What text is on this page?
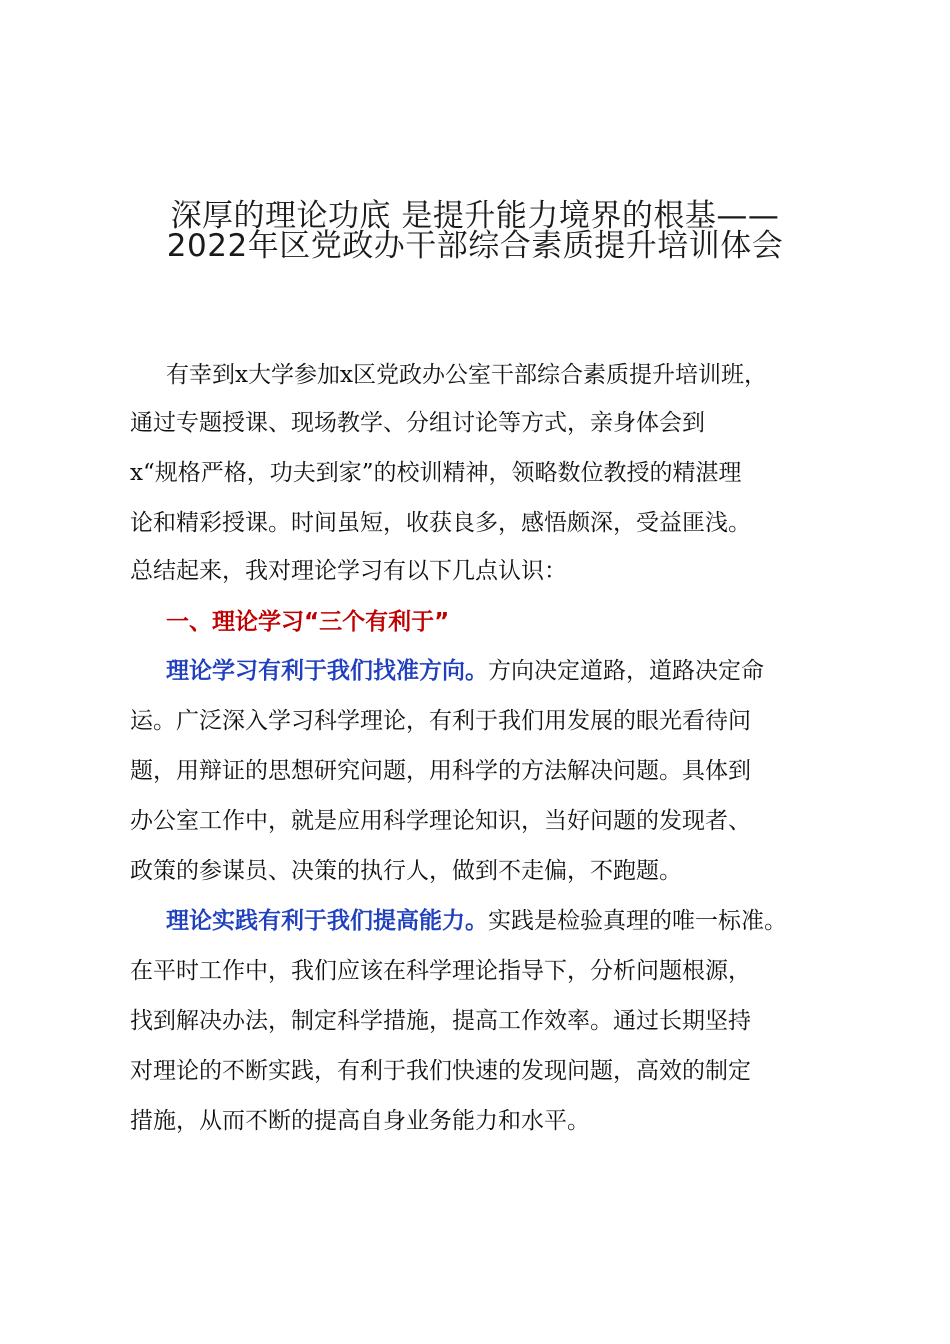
深厚的理论功底 是提升能力境界的根基——
2022年区党政办干部综合素质提升培训体会
有幸到x大学参加x区党政办公室干部综合素质提升培训班，
通过专题授课、现场教学、分组讨论等方式，亲身体会到
x“规格严格，功夫到家”的校训精神，领略数位教授的精湛理
论和精彩授课。时间虽短，收获良多，感悟颇深，受益匪浅。
总结起来，我对理论学习有以下几点认识：
一、理论学习“三个有利于”
理论学习有利于我们找准方向。方向决定道路，道路决定命
运。广泛深入学习科学理论，有利于我们用发展的眼光看待问
题，用辩证的思想研究问题，用科学的方法解决问题。具体到
办公室工作中，就是应用科学理论知识，当好问题的发现者、
政策的参谋员、决策的执行人，做到不走偏，不跑题。
理论实践有利于我们提高能力。实践是检验真理的唯一标准。
在平时工作中，我们应该在科学理论指导下，分析问题根源，
找到解决办法，制定科学措施，提高工作效率。通过长期坚持
对理论的不断实践，有利于我们快速的发现问题，高效的制定
措施，从而不断的提高自身业务能力和水平。
